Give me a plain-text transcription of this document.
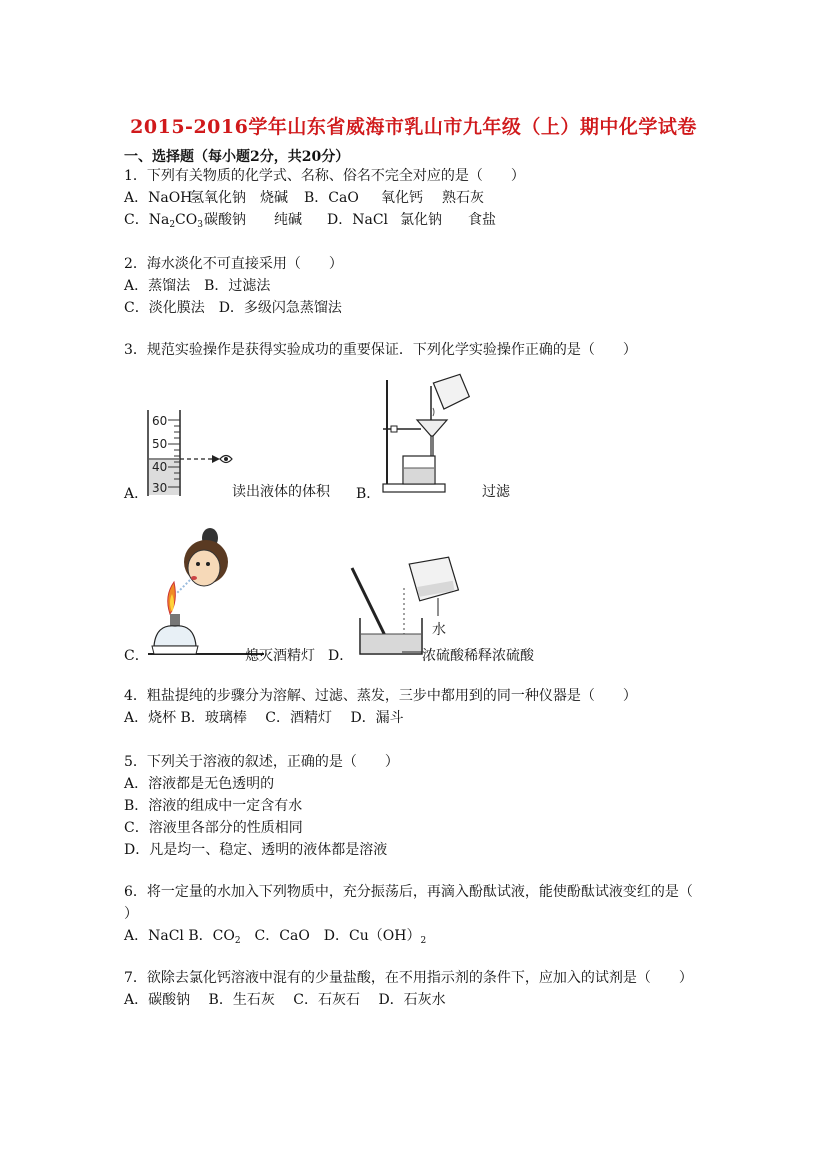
2015-2016学年山东省威海市乳山市九年级（上）期中化学试卷
一、选择题（每小题2分，共20分）
1．下列有关物质的化学式、名称、俗名不完全对应的是（　　）
A．NaOH氢氧化钠 烧碱 B．CaO 氧化钙 熟石灰
C．$Na_2CO_3$碳酸钠 纯碱 D．NaCl 氯化钠 食盐
2．海水淡化不可直接采用（　　）
A．蒸馏法　B．过滤法
C．淡化膜法　D．多级闪急蒸馏法
3．规范实验操作是获得实验成功的重要保证．下列化学实验操作正确的是（　　）
60
50
40
30
A．	读出液体的体积 B．	过滤
C．	熄灭酒精灯
水
D．	浓硫酸稀释浓硫酸
4．粗盐提纯的步骤分为溶解、过滤、蒸发，三步中都用到的同一种仪器是（　　）
A．烧杯 B．玻璃棒　 C．酒精灯　 D．漏斗
5．下列关于溶液的叙述，正确的是（　　）
A．溶液都是无色透明的
B．溶液的组成中一定含有水
C．溶液里各部分的性质相同
D．凡是均一、稳定、透明的液体都是溶液
6．将一定量的水加入下列物质中，充分振荡后，再滴入酚酞试液，能使酚酞试液变红的是（
）
A．NaCl B．$CO_2$　C．CaO　D．$Cu(OH)_2$
7．欲除去氯化钙溶液中混有的少量盐酸，在不用指示剂的条件下，应加入的试剂是（　　）
A．碳酸钠　 B．生石灰　 C．石灰石　 D．石灰水
